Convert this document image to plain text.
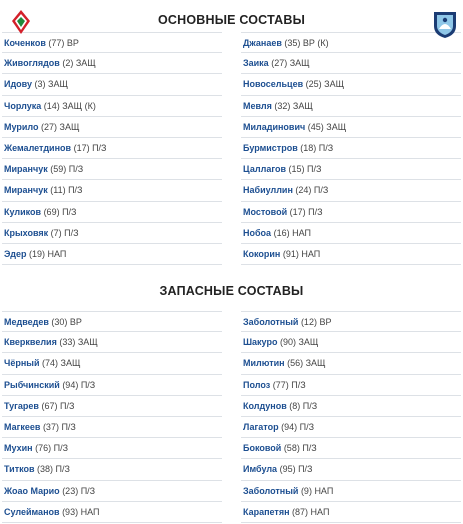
ОСНОВНЫЕ СОСТАВЫ
Коченков (77) ВР
Живоглядов (2) ЗАЩ
Идову (3) ЗАЩ
Чорлука (14) ЗАЩ (К)
Мурило (27) ЗАЩ
Жемалетдинов (17) П/З
Миранчук (59) П/З
Миранчук (11) П/З
Куликов (69) П/З
Крыховяк (7) П/З
Эдер (19) НАП
Джанаев (35) ВР (К)
Заика (27) ЗАЩ
Новосельцев (25) ЗАЩ
Мевля (32) ЗАЩ
Миладинович (45) ЗАЩ
Бурмистров (18) П/З
Цаллагов (15) П/З
Набиуллин (24) П/З
Мостовой (17) П/З
Нобоа (16) НАП
Кокорин (91) НАП
ЗАПАСНЫЕ СОСТАВЫ
Медведев (30) ВР
Кверквелия (33) ЗАЩ
Чёрный (74) ЗАЩ
Рыбчинский (94) П/З
Тугарев (67) П/З
Магкеев (37) П/З
Мухин (76) П/З
Титков (38) П/З
Жоао Марио (23) П/З
Сулейманов (93) НАП
Заболотный (12) ВР
Шакуро (90) ЗАЩ
Милютин (56) ЗАЩ
Полоз (77) П/З
Колдунов (8) П/З
Лагатор (94) П/З
Боковой (58) П/З
Имбула (95) П/З
Заболотный (9) НАП
Карапетян (87) НАП
